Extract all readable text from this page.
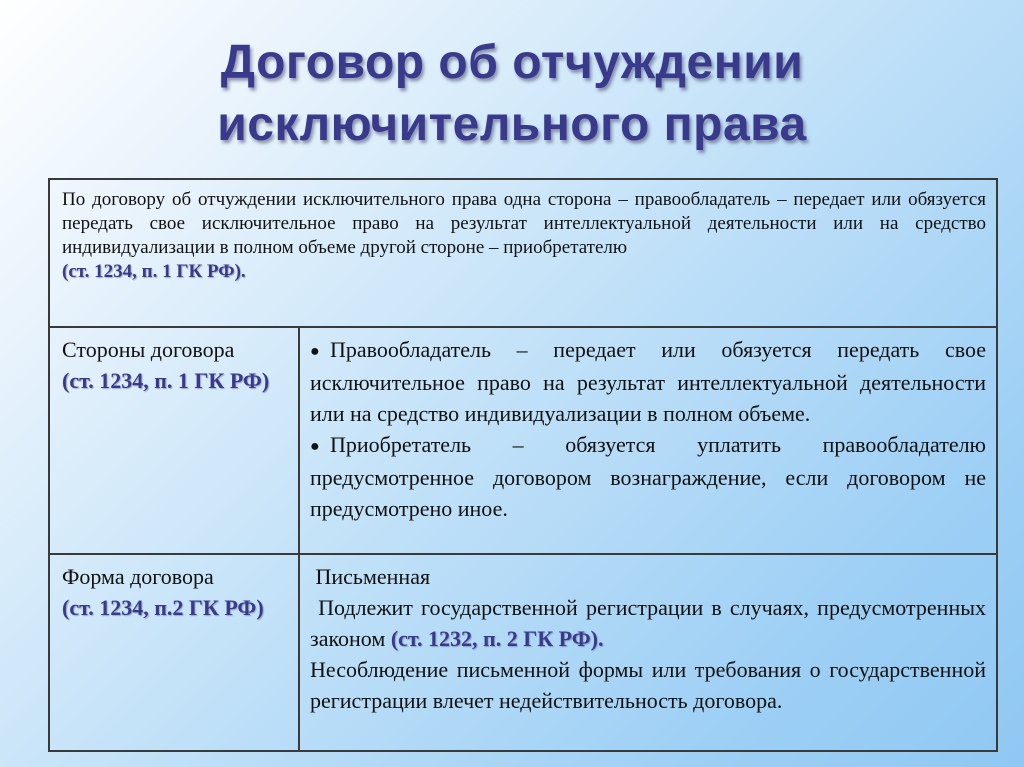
Договор об отчуждении
исключительного права
По договору об отчуждении исключительного права одна сторона – правообладатель – передает или обязуется передать свое исключительное право на результат интеллектуальной деятельности или на средство индивидуализации в полном объеме другой стороне – приобретателю
(ст. 1234, п. 1 ГК РФ).
Стороны договора
(ст. 1234, п. 1 ГК РФ)

● Правообладатель – передает или обязуется передать свое исключительное право на результат интеллектуальной деятельности или на средство индивидуализации в полном объеме.

● Приобретатель – обязуется уплатить правообладателю предусмотренное договором вознаграждение, если договором не предусмотрено иное.

Форма договора
(ст. 1234, п.2 ГК РФ)

Письменная

Подлежит государственной регистрации в случаях, предусмотренных законом (ст. 1232, п. 2 ГК РФ).

Несоблюдение письменной формы или требования о государственной регистрации влечет недействительность договора.
